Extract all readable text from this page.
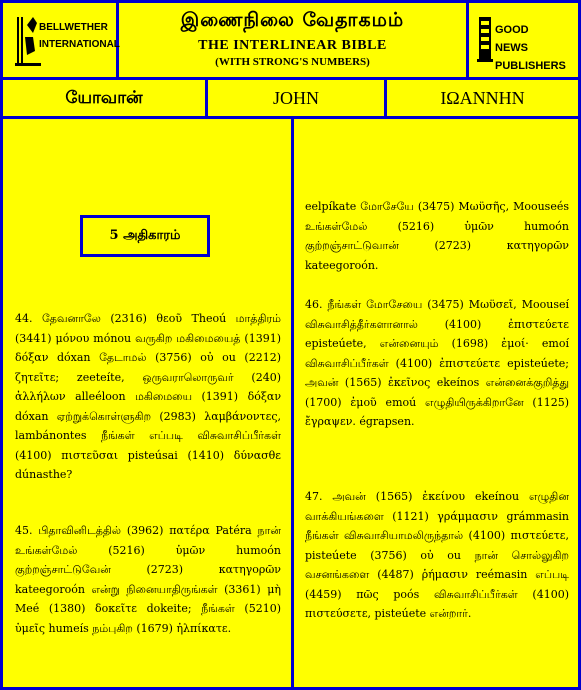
BELLWETHER INTERNATIONAL
இணைநிலை வேதாகமம்
THE INTERLINEAR BIBLE
(WITH STRONG'S NUMBERS)
GOOD NEWS PUBLISHERS
யோவான்	JOHN	IΩANNHN
5 அதிகாரம்
44. தேவனாலே (2316) θεοῦ Theoú மாத்திரம் (3441) μόνου mónou வருகிற மகிமையைத் (1391) δόξαν dóxan தேடாமல் (3756) οὐ ou (2212) ζητεῖτε; zeeteíte, ஒருவராலொருவர் (240) ἀλλήλων alleéloon மகிமையை (1391) δόξαν dóxan ஏற்றுக்கொள்ளுகிற (2983) λαμβάνοντες, lambánontes நீங்கள் எப்படி விசுவாசிப்பீர்கள் (4100) πιστεῦσαι pisteúsai (1410) δύνασθε dúnasthe?
45. பிதாவினிடத்தில் (3962) πατέρα Patéra நான் உங்கள்மேல் (5216) ὑμῶν humoón குற்றஞ்சாட்டுவேன் (2723) κατηγορῶν kateegoroón என்று நினையாதிருங்கள் (3361) μὴ Meé (1380) δοκεῖτε dokeite; நீங்கள் (5210) ὑμεῖς humeís நம்புகிற (1679) ἠλπίκατε.
eelpíkate மோசேயே (3475) Μωϋσῆς, Moouseés உங்கள்மேல் (5216) ὑμῶν humoón குற்றஞ்சாட்டுவான் (2723) κατηγορῶν kateegoroón.
46. நீங்கள் மோசேயை (3475) Μωϋσεῖ, Moouseí விசுவாசித்தீர்களானால் (4100) ἐπιστεύετε episteúete, என்னையும் (1698) ἐμοί· emoí விசுவாசிப்பீர்கள் (4100) ἐπιστεύετε episteúete; அவன் (1565) ἐκεῖνος ekeínos என்னைக்குறித்து (1700) ἐμοῦ emoú எழுதியிருக்கிறானே (1125) ἔγραψεν. égrapsen.
47. அவன் (1565) ἐκείνου ekeínou எழுதின வாக்கியங்களை (1121) γράμμασιν grámmasin நீங்கள் விசுவாசியாமலிருந்தால் (4100) πιστεύετε, pisteúete (3756) οὐ ou நான் சொல்லுகிற வசனங்களை (4487) ῥήμασιν reémasin எப்படி (4459) πῶς poós விசுவாசிப்பீர்கள் (4100) πιστεύσετε, pisteúete என்றார்.
